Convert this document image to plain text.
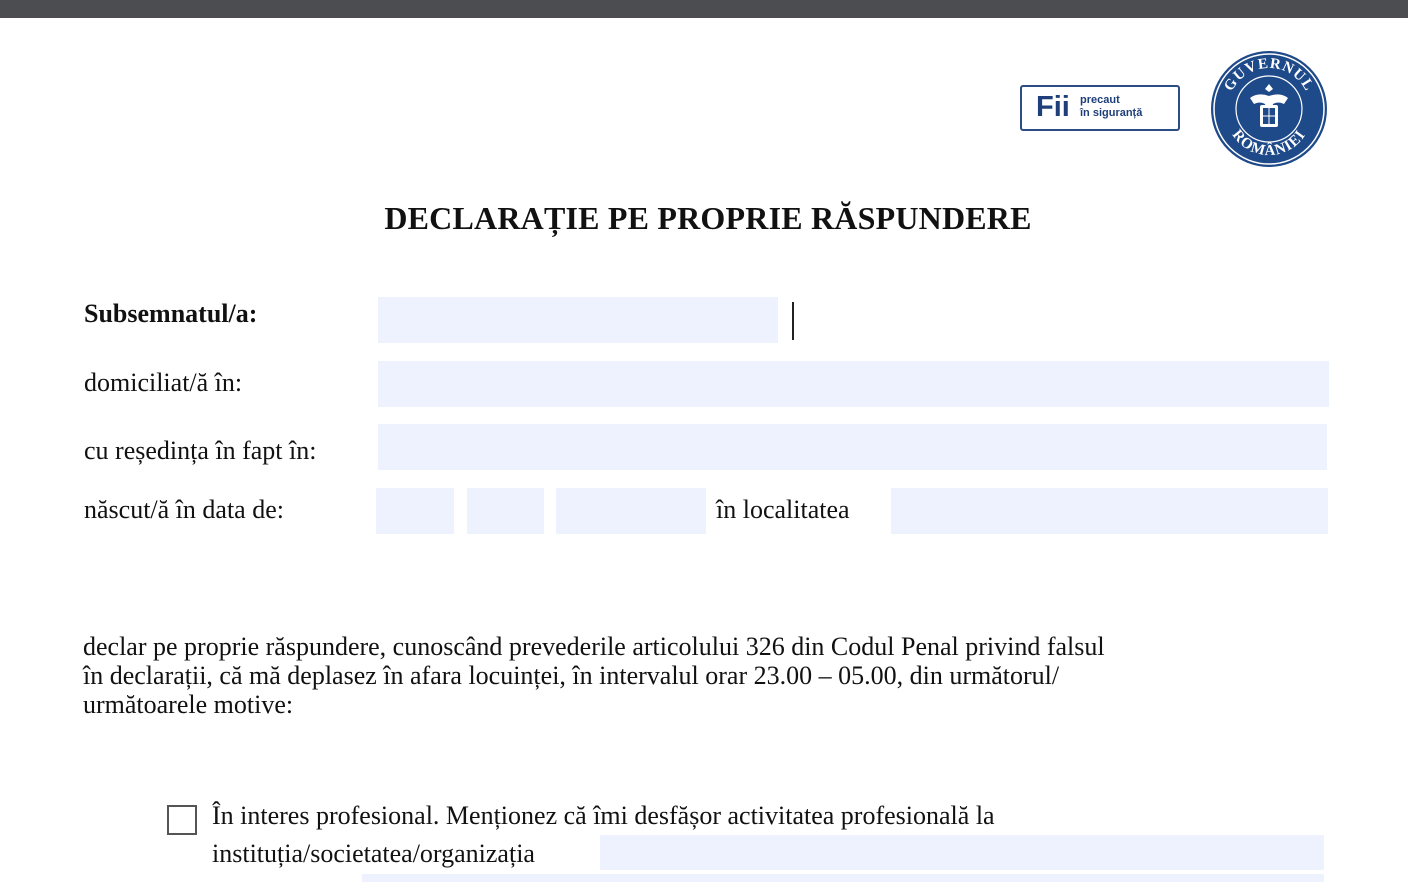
Fii precaut
în siguranță
GUVERNUL
ROMÂNIEI
DECLARAȚIE PE PROPRIE RĂSPUNDERE
Subsemnatul/a:
domiciliat/ă în:
cu reședința în fapt în:
născut/ă în data de:	în localitatea
declar pe proprie răspundere, cunoscând prevederile articolului 326 din Codul Penal privind falsul
în declarații, că mă deplasez în afara locuinței, în intervalul orar 23.00 – 05.00, din următorul/
următoarele motive:
În interes profesional. Menționez că îmi desfășor activitatea profesională la
instituția/societatea/organizația
